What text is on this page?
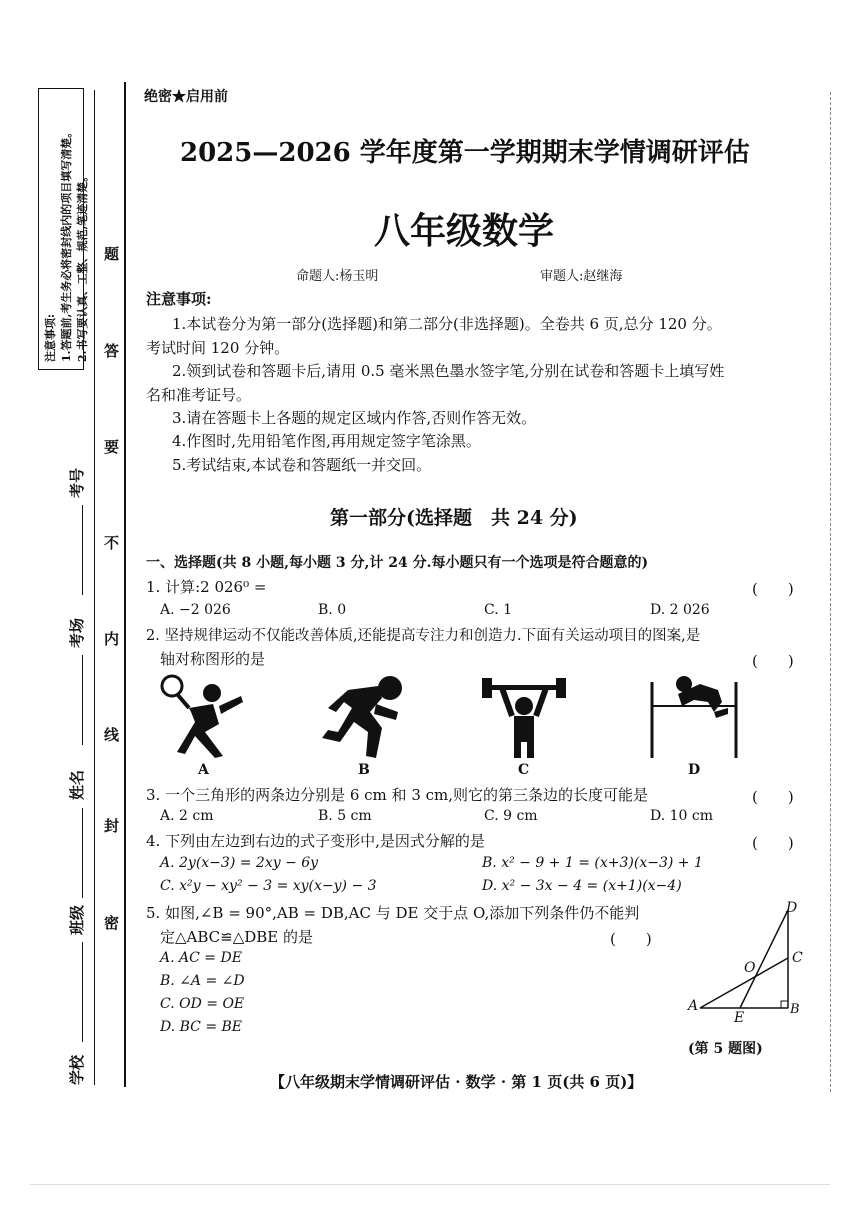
注意事项: 1.答题前,考生务必将密封线内的项目填写清楚。 2.书写要认真、工整、规范,笔迹清楚。 题
答
要
不
内
线
封
密
考号
考场
姓名
班级
学校
绝密★启用前
2025—2026 学年度第一学期期末学情调研评估
八年级数学
命题人:杨玉明	审题人:赵继海
注意事项:
1.本试卷分为第一部分(选择题)和第二部分(非选择题)。全卷共 6 页,总分 120 分。
考试时间 120 分钟。
2.领到试卷和答题卡后,请用 0.5 毫米黑色墨水签字笔,分别在试卷和答题卡上填写姓
名和准考证号。
3.请在答题卡上各题的规定区域内作答,否则作答无效。
4.作图时,先用铅笔作图,再用规定签字笔涂黑。
5.考试结束,本试卷和答题纸一并交回。
第一部分(选择题　共 24 分)
一、选择题(共 8 小题,每小题 3 分,计 24 分.每小题只有一个选项是符合题意的)
1. 计算:2 026⁰ =	(　　)
A. −2 026	B. 0	C. 1	D. 2 026
2. 坚持规律运动不仅能改善体质,还能提高专注力和创造力.下面有关运动项目的图案,是
轴对称图形的是	(　　)
A	B	C	D
3. 一个三角形的两条边分别是 6 cm 和 3 cm,则它的第三条边的长度可能是	(　　)
A. 2 cm	B. 5 cm	C. 9 cm	D. 10 cm
4. 下列由左边到右边的式子变形中,是因式分解的是	(　　)
A. 2y(x−3) = 2xy − 6y	B. x² − 9 + 1 = (x+3)(x−3) + 1
C. x²y − xy² − 3 = xy(x−y) − 3	D. x² − 3x − 4 = (x+1)(x−4)
5. 如图,∠B = 90°,AB = DB,AC 与 DE 交于点 O,添加下列条件仍不能判
定△ABC≌△DBE 的是	(　　)
A. AC = DE
B. ∠A = ∠D
C. OD = OE
D. BC = BE
D
C
O
A	B
E
(第 5 题图)
【八年级期末学情调研评估 · 数学 · 第 1 页(共 6 页)】
